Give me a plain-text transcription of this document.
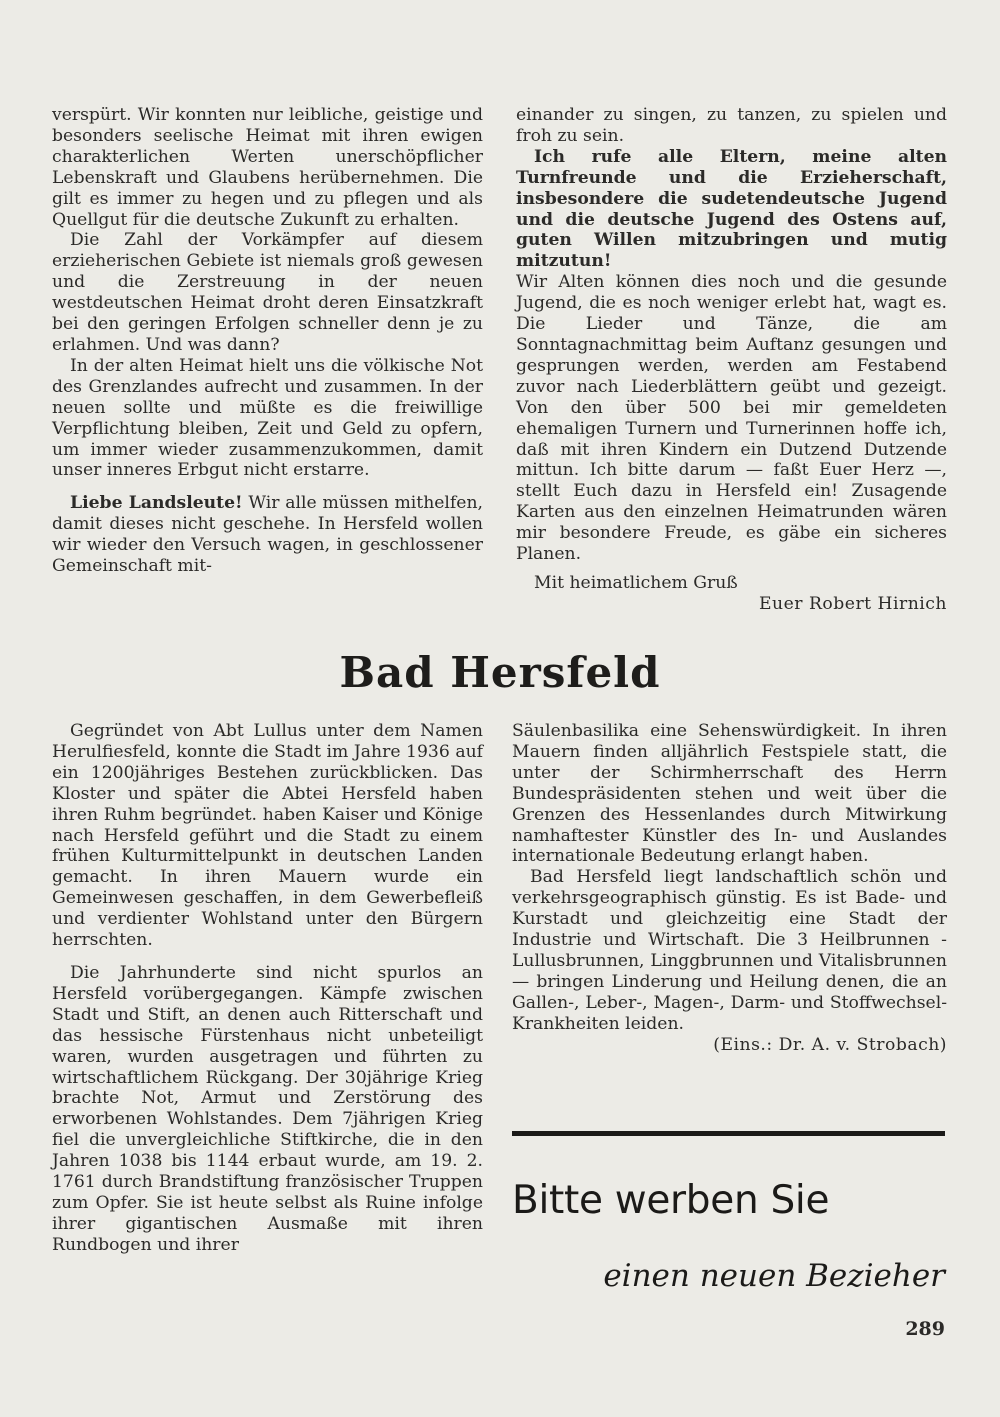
verspürt. Wir konnten nur leibliche, geistige und besonders seelische Heimat mit ihren ewigen charakterlichen Werten unerschöpflicher Lebenskraft und Glaubens herübernehmen. Die gilt es immer zu hegen und zu pflegen und als Quellgut für die deutsche Zukunft zu erhalten.

Die Zahl der Vorkämpfer auf diesem erzieherischen Gebiete ist niemals groß gewesen und die Zerstreuung in der neuen westdeutschen Heimat droht deren Einsatzkraft bei den geringen Erfolgen schneller denn je zu erlahmen. Und was dann?

In der alten Heimat hielt uns die völkische Not des Grenzlandes aufrecht und zusammen. In der neuen sollte und müßte es die freiwillige Verpflichtung bleiben, Zeit und Geld zu opfern, um immer wieder zusammenzukommen, damit unser inneres Erbgut nicht erstarre.

Liebe Landsleute! Wir alle müssen mithelfen, damit dieses nicht geschehe. In Hersfeld wollen wir wieder den Versuch wagen, in geschlossener Gemeinschaft mit-

einander zu singen, zu tanzen, zu spielen und froh zu sein.

Ich rufe alle Eltern, meine alten Turnfreunde und die Erzieherschaft, insbesondere die sudetendeutsche Jugend und die deutsche Jugend des Ostens auf, guten Willen mitzubringen und mutig mitzutun!

Wir Alten können dies noch und die gesunde Jugend, die es noch weniger erlebt hat, wagt es. Die Lieder und Tänze, die am Sonntagnachmittag beim Auftanz gesungen und gesprungen werden, werden am Festabend zuvor nach Liederblättern geübt und gezeigt. Von den über 500 bei mir gemeldeten ehemaligen Turnern und Turnerinnen hoffe ich, daß mit ihren Kindern ein Dutzend Dutzende mittun. Ich bitte darum — faßt Euer Herz —, stellt Euch dazu in Hersfeld ein! Zusagende Karten aus den einzelnen Heimatrunden wären mir besondere Freude, es gäbe ein sicheres Planen.

Mit heimatlichem Gruß

Euer Robert Hirnich

Bad Hersfeld

Gegründet von Abt Lullus unter dem Namen Herulfiesfeld, konnte die Stadt im Jahre 1936 auf ein 1200jähriges Bestehen zurückblicken. Das Kloster und später die Abtei Hersfeld haben ihren Ruhm begründet. haben Kaiser und Könige nach Hersfeld geführt und die Stadt zu einem frühen Kulturmittelpunkt in deutschen Landen gemacht. In ihren Mauern wurde ein Gemeinwesen geschaffen, in dem Gewerbefleiß und verdienter Wohlstand unter den Bürgern herrschten.

Die Jahrhunderte sind nicht spurlos an Hersfeld vorübergegangen. Kämpfe zwischen Stadt und Stift, an denen auch Ritterschaft und das hessische Fürstenhaus nicht unbeteiligt waren, wurden ausgetragen und führten zu wirtschaftlichem Rückgang. Der 30jährige Krieg brachte Not, Armut und Zerstörung des erworbenen Wohlstandes. Dem 7jährigen Krieg fiel die unvergleichliche Stiftkirche, die in den Jahren 1038 bis 1144 erbaut wurde, am 19. 2. 1761 durch Brandstiftung französischer Truppen zum Opfer. Sie ist heute selbst als Ruine infolge ihrer gigantischen Ausmaße mit ihren Rundbogen und ihrer

Säulenbasilika eine Sehenswürdigkeit. In ihren Mauern finden alljährlich Festspiele statt, die unter der Schirmherrschaft des Herrn Bundespräsidenten stehen und weit über die Grenzen des Hessenlandes durch Mitwirkung namhaftester Künstler des In- und Auslandes internationale Bedeutung erlangt haben.

Bad Hersfeld liegt landschaftlich schön und verkehrsgeographisch günstig. Es ist Bade- und Kurstadt und gleichzeitig eine Stadt der Industrie und Wirtschaft. Die 3 Heilbrunnen - Lullusbrunnen, Linggbrunnen und Vitalisbrunnen — bringen Linderung und Heilung denen, die an Gallen-, Leber-, Magen-, Darm- und Stoffwechsel-Krankheiten leiden.

(Eins.: Dr. A. v. Strobach)

Bitte werben Sie
einen neuen Bezieher
289
